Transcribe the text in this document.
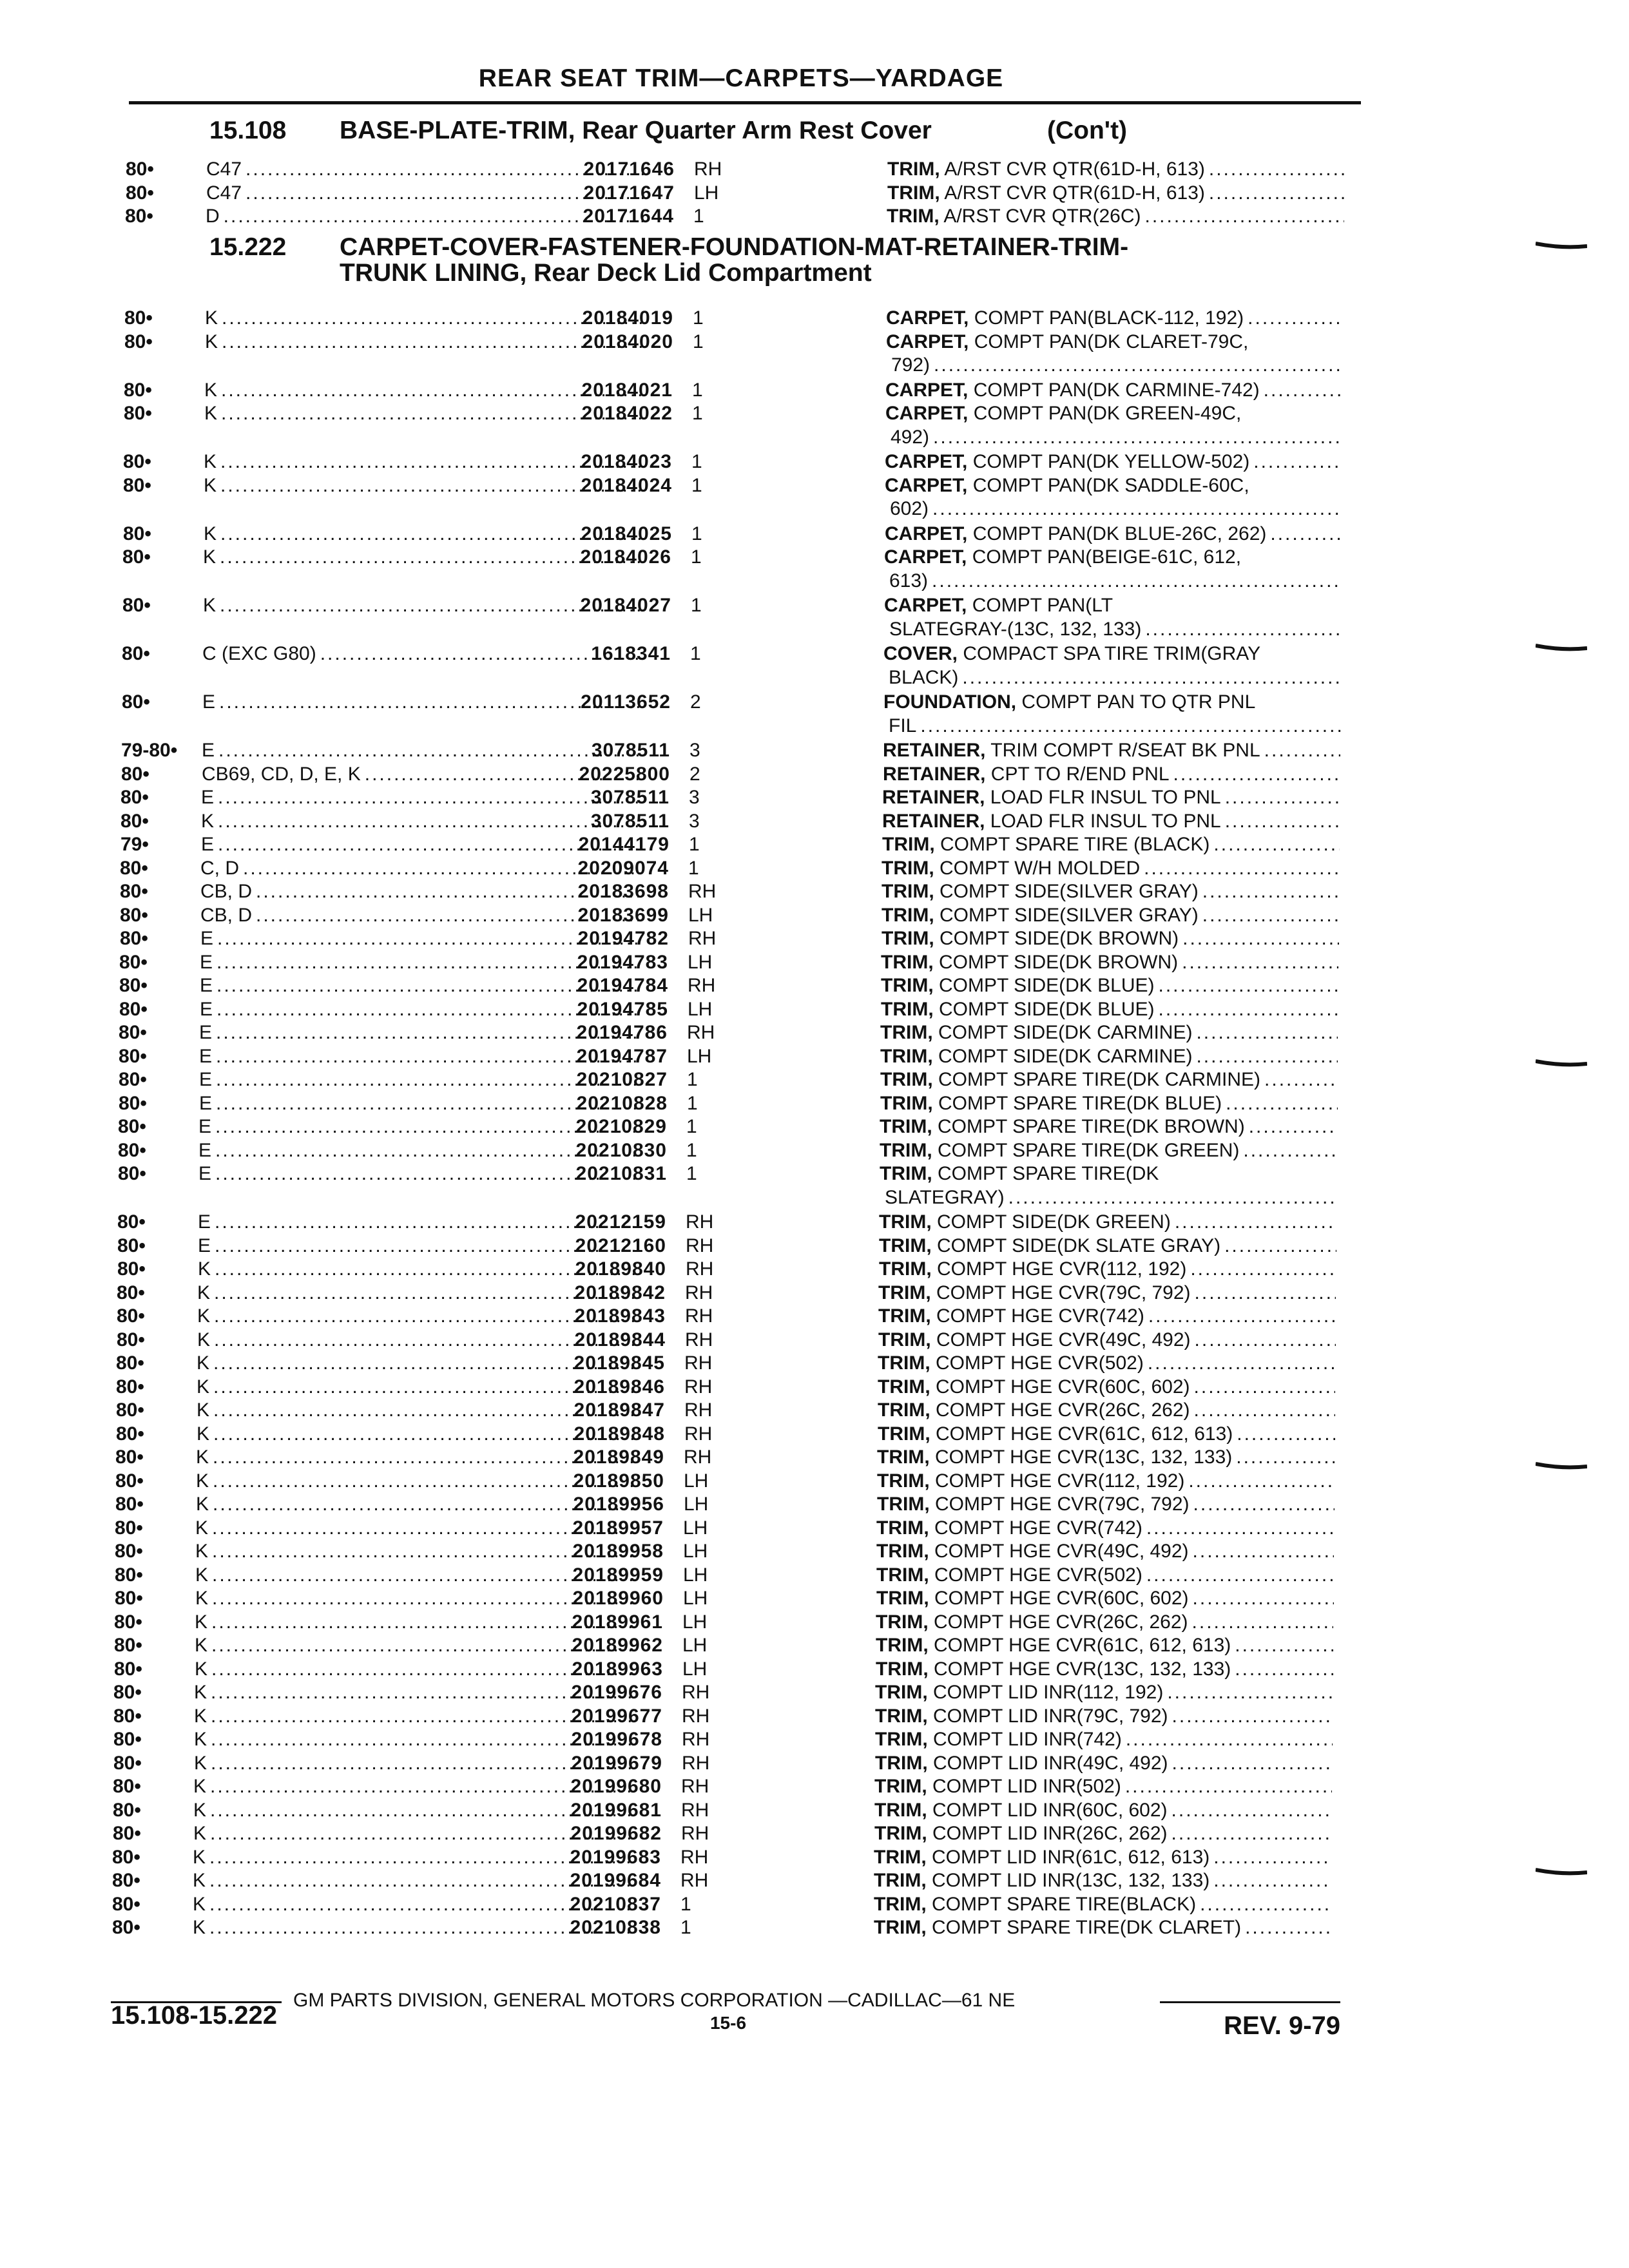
REAR SEAT TRIM—CARPETS—YARDAGE
15.108 BASE-PLATE-TRIM, Rear Quarter Arm Rest Cover	(Con't)
15.222 CARPET-COVER-FASTENER-FOUNDATION-MAT-RETAINER-TRIM-
TRUNK LINING, Rear Deck Lid Compartment
80•	C47 .....	20171646 RH	TRIM, A/RST CVR QTR(61D-H, 613)
.....
80•	C47 .....	20171647 LH	TRIM, A/RST CVR QTR(61D-H, 613)
.....
80•	D .....	20171644 1	TRIM, A/RST CVR QTR(26C)
.....
80•	K .....	20184019 1	CARPET, COMPT PAN(BLACK-112, 192)
.....
80•	K .....	20184020 1	CARPET, COMPT PAN(DK CLARET-79C,
792)
.....
80•	K .....	20184021 1	CARPET, COMPT PAN(DK CARMINE-742)
.....
80•	K .....	20184022 1	CARPET, COMPT PAN(DK GREEN-49C,
492)
.....
80•	K .....	20184023 1	CARPET, COMPT PAN(DK YELLOW-502)
.....
80•	K .....	20184024 1	CARPET, COMPT PAN(DK SADDLE-60C,
602)
.....
80•	K .....	20184025 1	CARPET, COMPT PAN(DK BLUE-26C, 262)
.....
80•	K .....	20184026 1	CARPET, COMPT PAN(BEIGE-61C, 612,
613)
.....
80•	K .....	20184027 1	CARPET, COMPT PAN(LT
SLATEGRAY-(13C, 132, 133)
.....
80•	C (EXC G80) .....	1618341 1	COVER, COMPACT SPA TIRE TRIM(GRAY
BLACK)
.....
80•	E .....	20113652 2	FOUNDATION, COMPT PAN TO QTR PNL
FIL
.....
79-80• E .....	3078511 3	RETAINER, TRIM COMPT R/SEAT BK PNL
.....
80•	CB69, CD, D, E, K .....	20225800 2	RETAINER, CPT TO R/END PNL
.....
80•	E .....	3078511 3	RETAINER, LOAD FLR INSUL TO PNL
.....
80•	K .....	3078511 3	RETAINER, LOAD FLR INSUL TO PNL
.....
79•	E .....	20144179 1	TRIM, COMPT SPARE TIRE (BLACK)
.....
80•	C, D .....	20209074 1	TRIM, COMPT W/H MOLDED
.....
80•	CB, D .....	20183698 RH	TRIM, COMPT SIDE(SILVER GRAY)
.....
80•	CB, D .....	20183699 LH	TRIM, COMPT SIDE(SILVER GRAY)
.....
80•	E .....	20194782 RH	TRIM, COMPT SIDE(DK BROWN)
.....
80•	E .....	20194783 LH	TRIM, COMPT SIDE(DK BROWN)
.....
80•	E .....	20194784 RH	TRIM, COMPT SIDE(DK BLUE)
.....
80•	E .....	20194785 LH	TRIM, COMPT SIDE(DK BLUE)
.....
80•	E .....	20194786 RH	TRIM, COMPT SIDE(DK CARMINE)
.....
80•	E .....	20194787 LH	TRIM, COMPT SIDE(DK CARMINE)
.....
80•	E .....	20210827 1	TRIM, COMPT SPARE TIRE(DK CARMINE)
.....
80•	E .....	20210828 1	TRIM, COMPT SPARE TIRE(DK BLUE)
.....
80•	E .....	20210829 1	TRIM, COMPT SPARE TIRE(DK BROWN)
.....
80•	E .....	20210830 1	TRIM, COMPT SPARE TIRE(DK GREEN)
.....
80•	E .....	20210831 1	TRIM, COMPT SPARE TIRE(DK
SLATEGRAY)
.....
80•	E .....	20212159 RH	TRIM, COMPT SIDE(DK GREEN)
.....
80•	E .....	20212160 RH	TRIM, COMPT SIDE(DK SLATE GRAY)
.....
80•	K .....	20189840 RH	TRIM, COMPT HGE CVR(112, 192)
.....
80•	K .....	20189842 RH	TRIM, COMPT HGE CVR(79C, 792)
.....
80•	K .....	20189843 RH	TRIM, COMPT HGE CVR(742)
.....
80•	K .....	20189844 RH	TRIM, COMPT HGE CVR(49C, 492)
.....
80•	K .....	20189845 RH	TRIM, COMPT HGE CVR(502)
.....
80•	K .....	20189846 RH	TRIM, COMPT HGE CVR(60C, 602)
.....
80•	K .....	20189847 RH	TRIM, COMPT HGE CVR(26C, 262)
.....
80•	K .....	20189848 RH	TRIM, COMPT HGE CVR(61C, 612, 613)
.....
80•	K .....	20189849 RH	TRIM, COMPT HGE CVR(13C, 132, 133)
.....
80•	K .....	20189850 LH	TRIM, COMPT HGE CVR(112, 192)
.....
80•	K .....	20189956 LH	TRIM, COMPT HGE CVR(79C, 792)
.....
80•	K .....	20189957 LH	TRIM, COMPT HGE CVR(742)
.....
80•	K .....	20189958 LH	TRIM, COMPT HGE CVR(49C, 492)
.....
80•	K .....	20189959 LH	TRIM, COMPT HGE CVR(502)
.....
80•	K .....	20189960 LH	TRIM, COMPT HGE CVR(60C, 602)
.....
80•	K .....	20189961 LH	TRIM, COMPT HGE CVR(26C, 262)
.....
80•	K .....	20189962 LH	TRIM, COMPT HGE CVR(61C, 612, 613)
.....
80•	K .....	20189963 LH	TRIM, COMPT HGE CVR(13C, 132, 133)
.....
80•	K .....	20199676 RH	TRIM, COMPT LID INR(112, 192)
.....
80•	K .....	20199677 RH	TRIM, COMPT LID INR(79C, 792)
.....
80•	K .....	20199678 RH	TRIM, COMPT LID INR(742)
.....
80•	K .....	20199679 RH	TRIM, COMPT LID INR(49C, 492)
.....
80•	K .....	20199680 RH	TRIM, COMPT LID INR(502)
.....
80•	K .....	20199681 RH	TRIM, COMPT LID INR(60C, 602)
.....
80•	K .....	20199682 RH	TRIM, COMPT LID INR(26C, 262)
.....
80•	K .....	20199683 RH	TRIM, COMPT LID INR(61C, 612, 613)
.....
80•	K .....	20199684 RH	TRIM, COMPT LID INR(13C, 132, 133)
.....
80•	K .....	20210837 1	TRIM, COMPT SPARE TIRE(BLACK)
.....
80•	K .....	20210838 1	TRIM, COMPT SPARE TIRE(DK CLARET)
.....
GM PARTS DIVISION, GENERAL MOTORS CORPORATION —CADILLAC—61 NE
15.108-15.222	15-6	REV. 9-79
